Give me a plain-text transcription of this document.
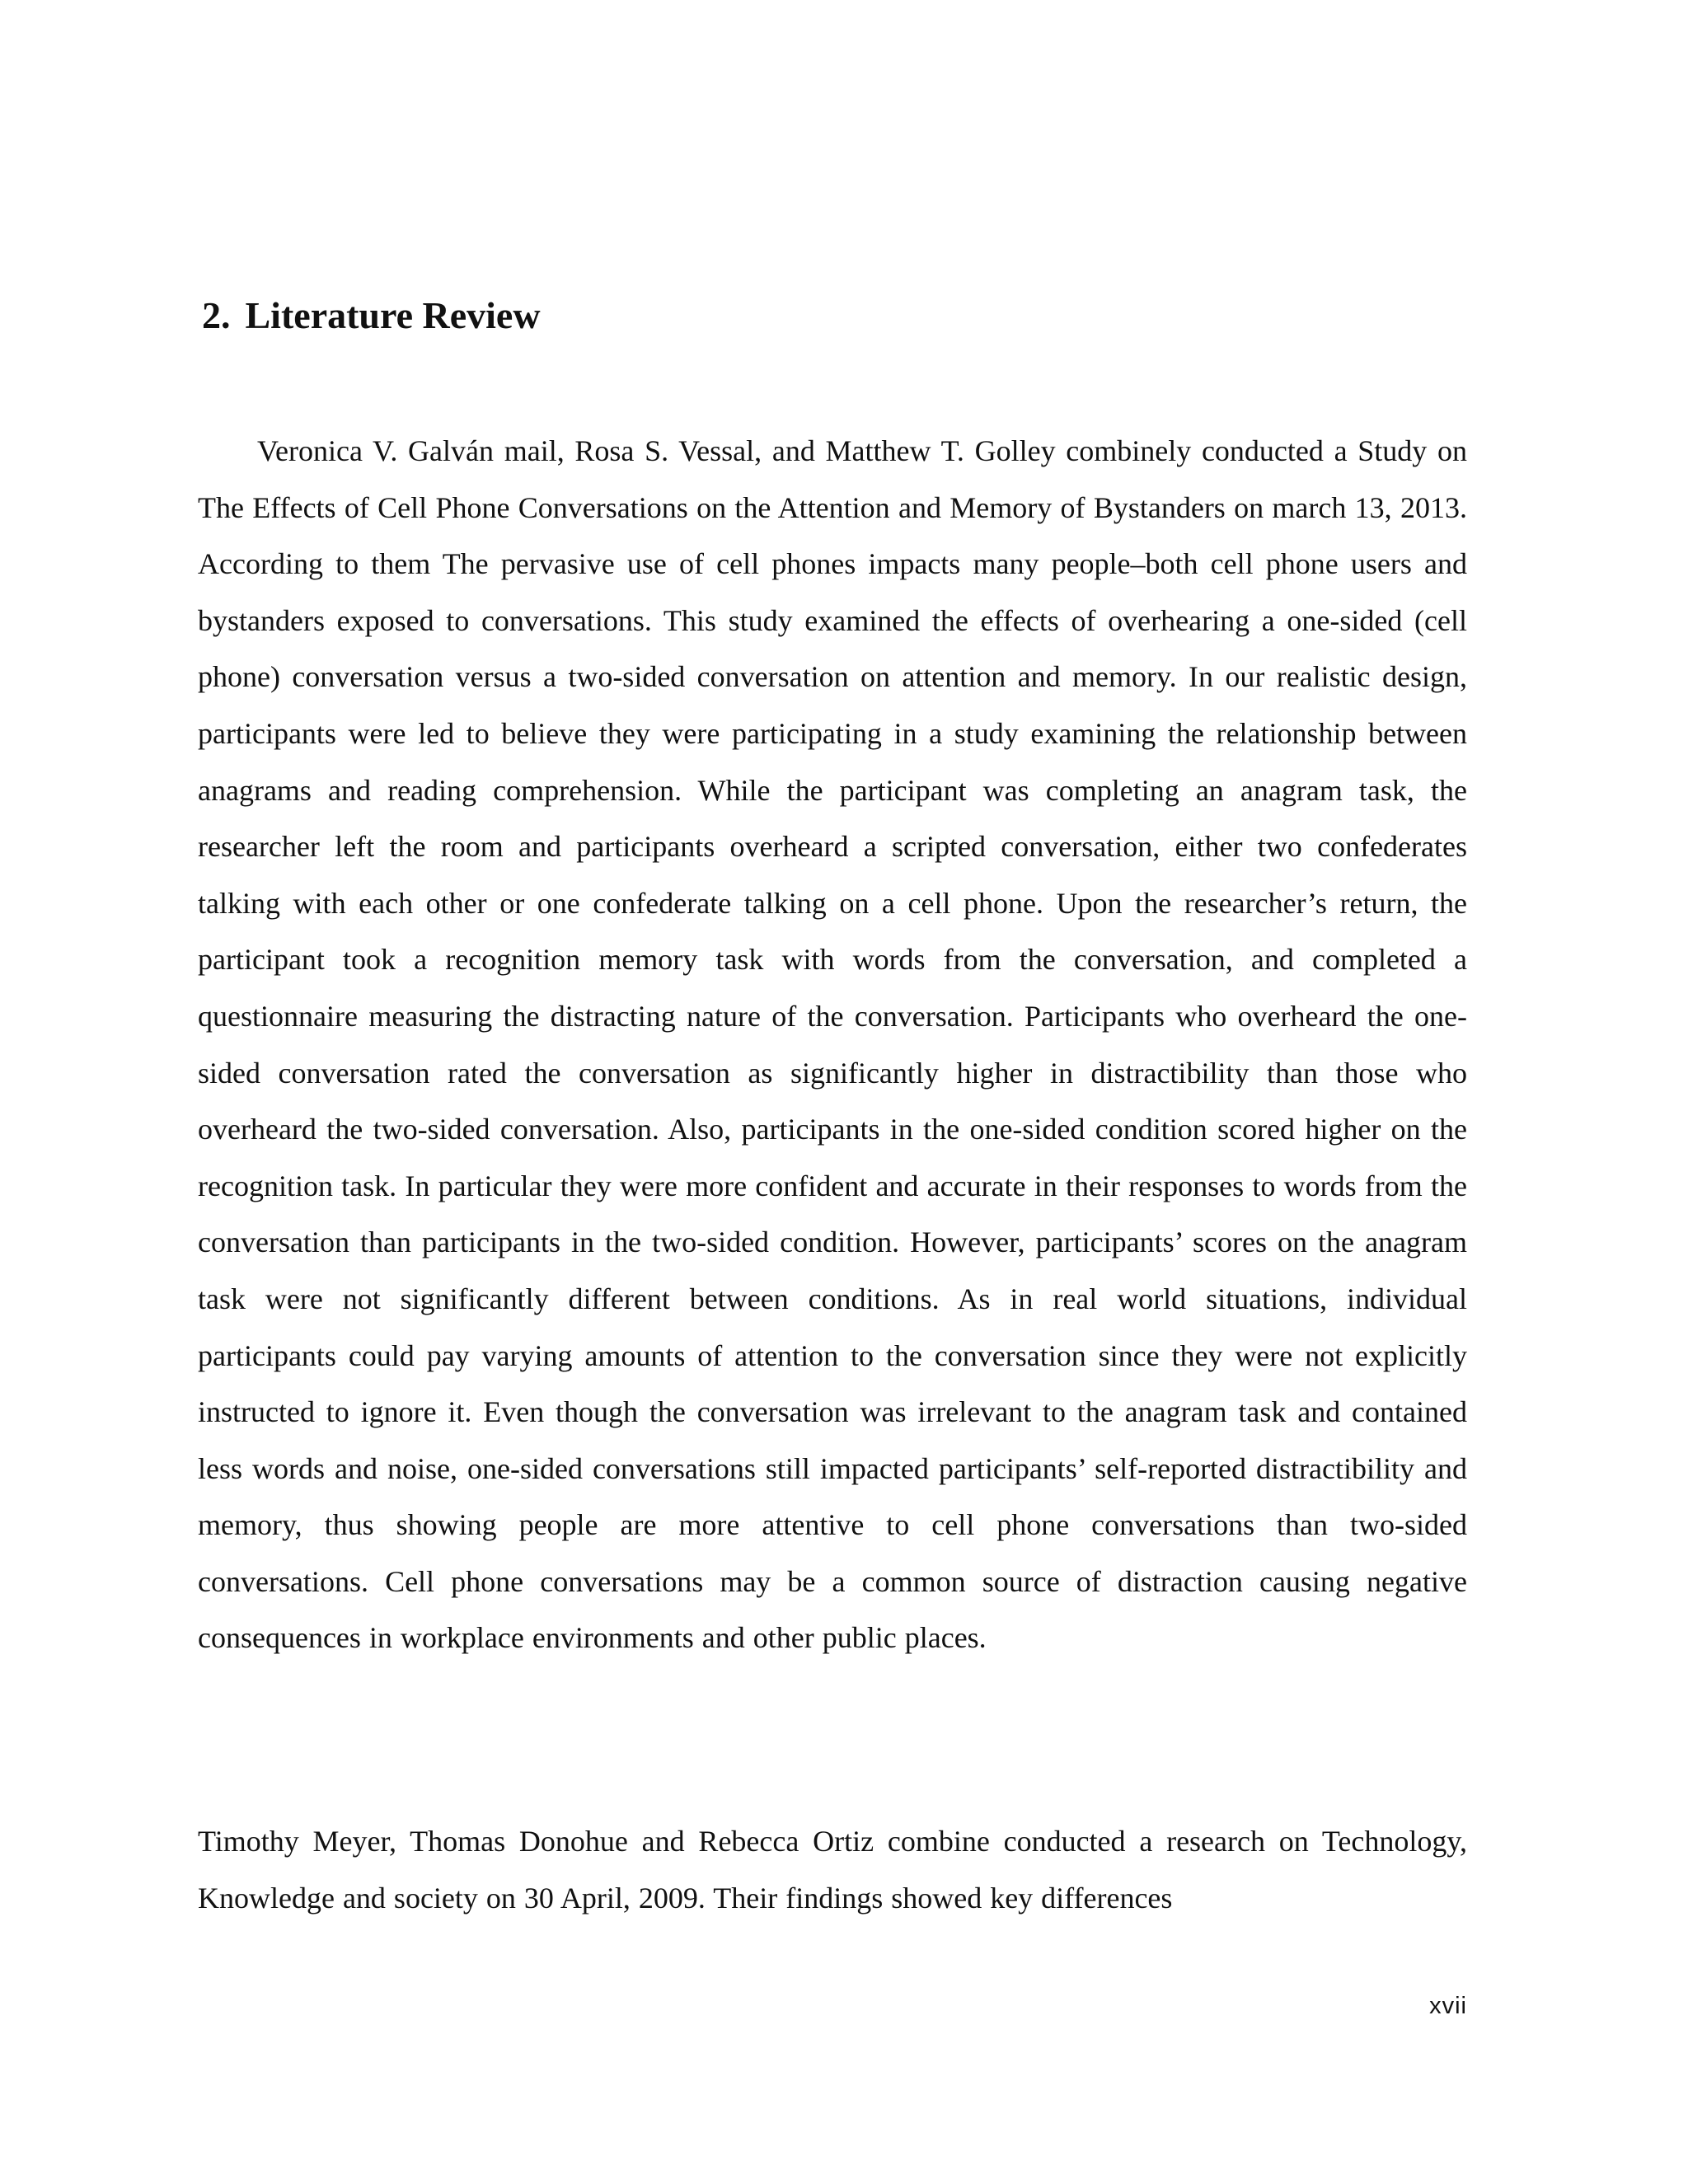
2. Literature Review

Veronica V. Galván mail, Rosa S. Vessal, and Matthew T. Golley combinely conducted a Study on The Effects of Cell Phone Conversations on the Attention and Memory of Bystanders on march 13, 2013. According to them The pervasive use of cell phones impacts many people–both cell phone users and bystanders exposed to conversations. This study examined the effects of overhearing a one-sided (cell phone) conversation versus a two-sided conversation on attention and memory. In our realistic design, participants were led to believe they were participating in a study examining the relationship between anagrams and reading comprehension. While the participant was completing an anagram task, the researcher left the room and participants overheard a scripted conversation, either two confederates talking with each other or one confederate talking on a cell phone. Upon the researcher’s return, the participant took a recognition memory task with words from the conversation, and completed a questionnaire measuring the distracting nature of the conversation. Participants who overheard the one-sided conversation rated the conversation as significantly higher in distractibility than those who overheard the two-sided conversation. Also, participants in the one-sided condition scored higher on the recognition task. In particular they were more confident and accurate in their responses to words from the conversation than participants in the two-sided condition. However, participants’ scores on the anagram task were not significantly different between conditions. As in real world situations, individual participants could pay varying amounts of attention to the conversation since they were not explicitly instructed to ignore it. Even though the conversation was irrelevant to the anagram task and contained less words and noise, one-sided conversations still impacted participants’ self-reported distractibility and memory, thus showing people are more attentive to cell phone conversations than two-sided conversations. Cell phone conversations may be a common source of distraction causing negative consequences in workplace environments and other public places.

Timothy Meyer, Thomas Donohue and Rebecca Ortiz combine conducted a research on Technology, Knowledge and society on 30 April, 2009. Their findings showed key differences

xvii
